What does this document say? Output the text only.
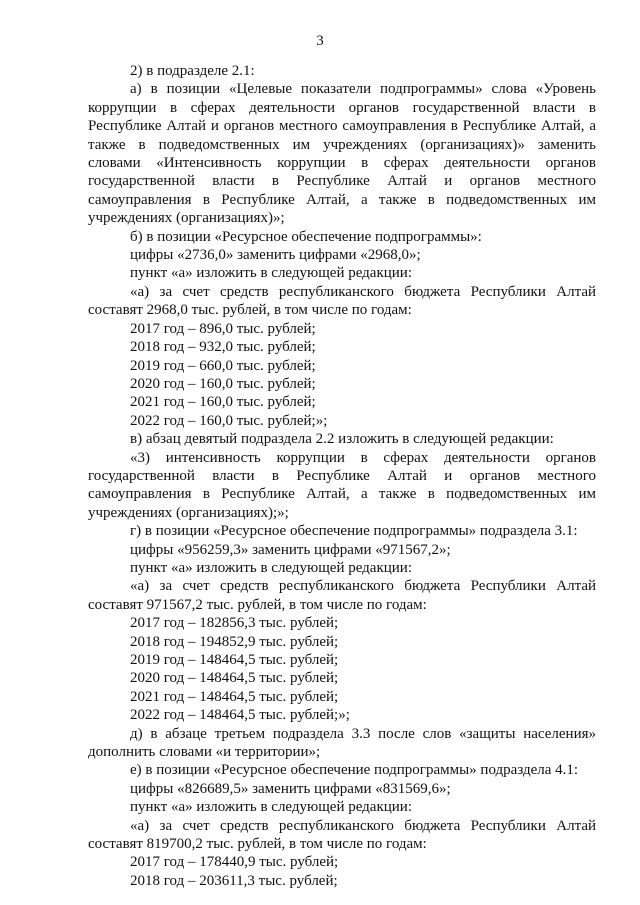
3

2) в подразделе 2.1:

а) в позиции «Целевые показатели подпрограммы» слова «Уровень коррупции в сферах деятельности органов государственной власти в Республике Алтай и органов местного самоуправления в Республике Алтай, а также в подведомственных им учреждениях (организациях)» заменить словами «Интенсивность коррупции в сферах деятельности органов государственной власти в Республике Алтай и органов местного самоуправления в Республике Алтай, а также в подведомственных им учреждениях (организациях)»;

б) в позиции «Ресурсное обеспечение подпрограммы»:

цифры «2736,0» заменить цифрами «2968,0»;

пункт «а» изложить в следующей редакции:

«а) за счет средств республиканского бюджета Республики Алтай составят 2968,0 тыс. рублей, в том числе по годам:

2017 год – 896,0 тыс. рублей;

2018 год – 932,0 тыс. рублей;

2019 год – 660,0 тыс. рублей;

2020 год – 160,0 тыс. рублей;

2021 год – 160,0 тыс. рублей;

2022 год – 160,0 тыс. рублей;»;

в) абзац девятый подраздела 2.2 изложить в следующей редакции:

«3) интенсивность коррупции в сферах деятельности органов государственной власти в Республике Алтай и органов местного самоуправления в Республике Алтай, а также в подведомственных им учреждениях (организациях);»;

г) в позиции «Ресурсное обеспечение подпрограммы» подраздела 3.1:

цифры «956259,3» заменить цифрами «971567,2»;

пункт «а» изложить в следующей редакции:

«а) за счет средств республиканского бюджета Республики Алтай составят 971567,2 тыс. рублей, в том числе по годам:

2017 год – 182856,3 тыс. рублей;

2018 год – 194852,9 тыс. рублей;

2019 год – 148464,5 тыс. рублей;

2020 год – 148464,5 тыс. рублей;

2021 год – 148464,5 тыс. рублей;

2022 год – 148464,5 тыс. рублей;»;

д) в абзаце третьем подраздела 3.3 после слов «защиты населения» дополнить словами «и территории»;

е) в позиции «Ресурсное обеспечение подпрограммы» подраздела 4.1:

цифры «826689,5» заменить цифрами «831569,6»;

пункт «а» изложить в следующей редакции:

«а) за счет средств республиканского бюджета Республики Алтай составят 819700,2 тыс. рублей, в том числе по годам:

2017 год – 178440,9 тыс. рублей;

2018 год – 203611,3 тыс. рублей;
